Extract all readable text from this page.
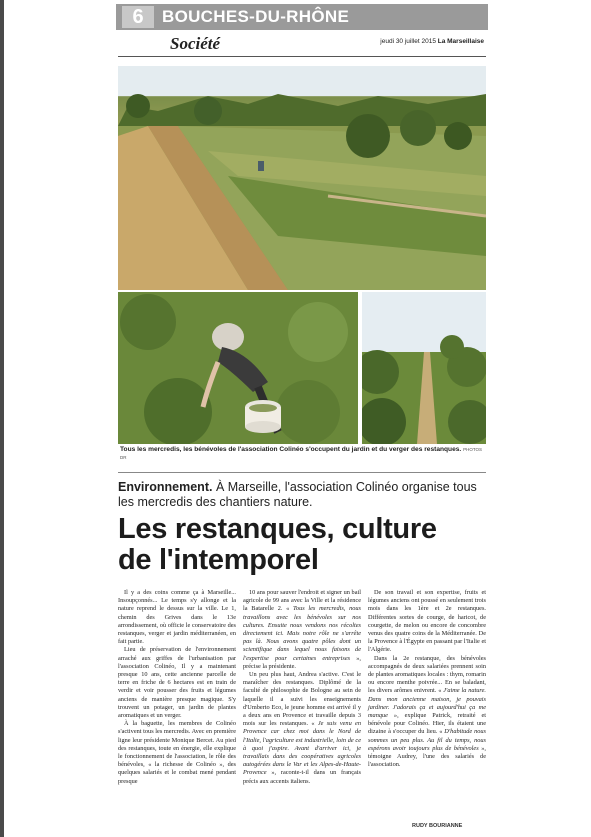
6	BOUCHES-DU-RHÔNE
Société	jeudi 30 juillet 2015 La Marseillaise
Tous les mercredis, les bénévoles de l'association Colinéo s'occupent du jardin et du verger des restanques. PHOTOS DR
Environnement. À Marseille, l'association Colinéo organise tous les mercredis des chantiers nature.
Les restanques, culture
de l'intemporel

Il y a des coins comme ça à Marseille... Insoupçonnés... Le temps s'y allonge et la nature reprend le dessus sur la ville. Le 1, chemin des Grives dans le 13e arrondissement, où officie le conservatoire des restanques, verger et jardin méditerranéen, en fait partie.

Lieu de préservation de l'environnement arraché aux griffes de l'urbanisation par l'association Colinéo, Il y a maintenant presque 10 ans, cette ancienne parcelle de terre en friche de 6 hectares est en train de verdir et voir pousser des fruits et légumes anciens de manière presque magique. S'y trouvent un potager, un jardin de plantes aromatiques et un verger.

À la baguette, les membres de Colinéo s'activent tous les mercredis. Avec en première ligne leur présidente Monique Bercet. Au pied des restanques, toute en énergie, elle explique le fonctionnement de l'association, le rôle des bénévoles, « la richesse de Colinéo », des quelques salariés et le combat mené pendant presque

10 ans pour sauver l'endroit et signer un bail agricole de 99 ans avec la Ville et la résidence la Batarelle 2. « Tous les mercredis, nous travaillons avec les bénévoles sur nos cultures. Ensuite nous vendons nos récoltes directement ici. Mais notre rôle ne s'arrête pas là. Nous avons quatre pôles dont un scientifique dans lequel nous faisons de l'expertise pour certaines entreprises », précise la présidente.

Un peu plus haut, Andrea s'active. C'est le maraîcher des restanques. Diplômé de la faculté de philosophie de Bologne au sein de laquelle il a suivi les enseignements d'Umberto Eco, le jeune homme est arrivé il y a deux ans en Provence et travaille depuis 3 mois sur les restanques. « Je suis venu en Provence car chez moi dans le Nord de l'Italie, l'agriculture est industrielle, loin de ce à quoi j'aspire. Avant d'arriver ici, je travaillais dans des coopératives agricoles autogérées dans le Var et les Alpes-de-Haute-Provence », raconte-t-il dans un français précis aux accents italiens.

De son travail et son expertise, fruits et légumes anciens ont poussé en seulement trois mois dans les 1ère et 2e restanques. Différentes sortes de courge, de haricot, de courgette, de melon ou encore de concombre venus des quatre coins de la Méditerranée. De la Provence à l'Égypte en passant par l'Italie et l'Algérie.

Dans la 2e restanque, des bénévoles accompagnés de deux salariées prennent soin de plantes aromatiques locales : thym, romarin ou encore menthe poivrée... En se baladant, les divers arômes enivrent. « J'aime la nature. Dans mon ancienne maison, je pouvais jardiner. J'adorais ça et aujourd'hui ça me manque », explique Patrick, retraité et bénévole pour Colinéo. Hier, ils étaient une dizaine à s'occuper du lieu. « D'habitude nous sommes un peu plus. Au fil du temps, nous espérons avoir toujours plus de bénévoles », témoigne Audrey, l'une des salariés de l'association.

RUDY BOURIANNE
